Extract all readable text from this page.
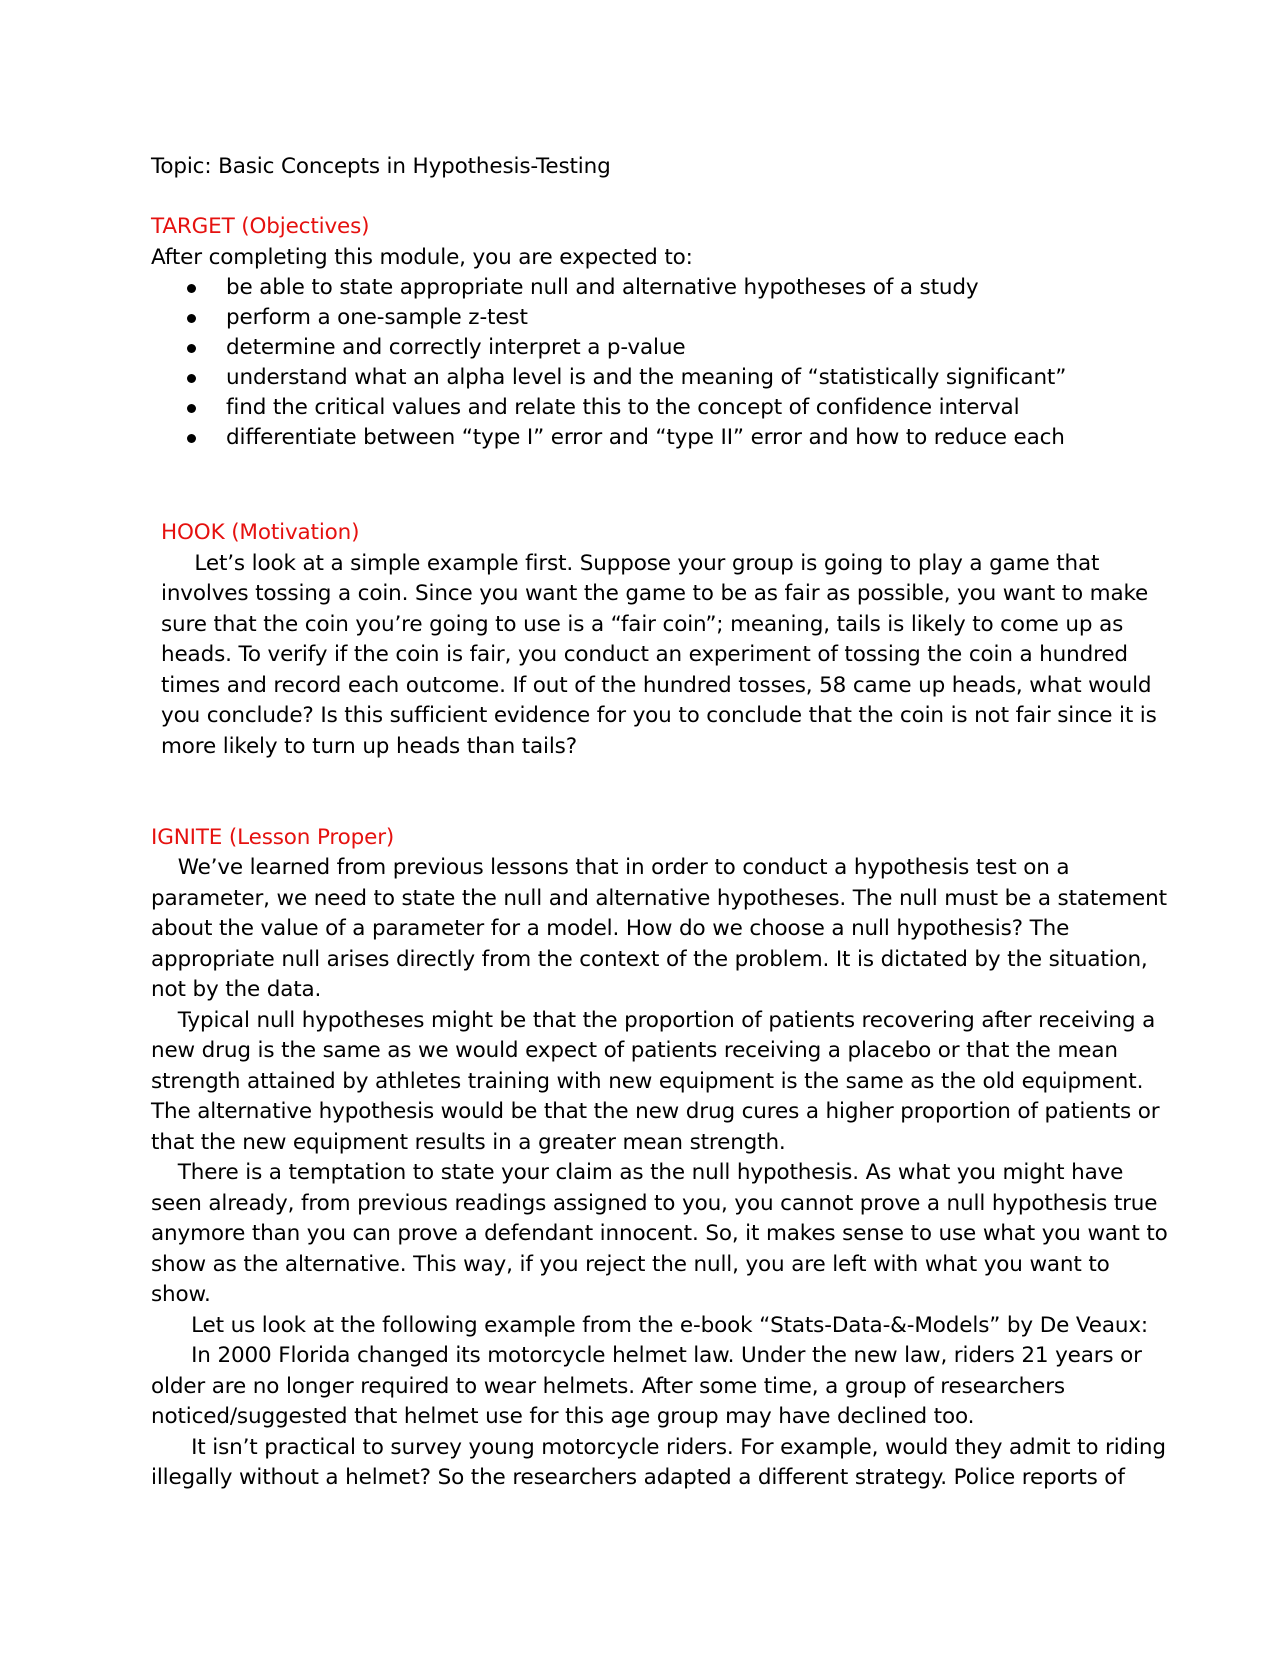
Topic: Basic Concepts in Hypothesis-Testing
TARGET (Objectives)
After completing this module, you are expected to:
be able to state appropriate null and alternative hypotheses of a study
perform a one-sample z-test
determine and correctly interpret a p-value
understand what an alpha level is and the meaning of “statistically significant”
find the critical values and relate this to the concept of confidence interval
differentiate between “type I” error and “type II” error and how to reduce each
HOOK (Motivation)
Let’s look at a simple example first. Suppose your group is going to play a game that
involves tossing a coin. Since you want the game to be as fair as possible, you want to make
sure that the coin you’re going to use is a “fair coin”; meaning, tails is likely to come up as
heads. To verify if the coin is fair, you conduct an experiment of tossing the coin a hundred
times and record each outcome. If out of the hundred tosses, 58 came up heads, what would
you conclude? Is this sufficient evidence for you to conclude that the coin is not fair since it is
more likely to turn up heads than tails?
IGNITE (Lesson Proper)
We’ve learned from previous lessons that in order to conduct a hypothesis test on a
parameter, we need to state the null and alternative hypotheses. The null must be a statement
about the value of a parameter for a model. How do we choose a null hypothesis? The
appropriate null arises directly from the context of the problem. It is dictated by the situation,
not by the data.
Typical null hypotheses might be that the proportion of patients recovering after receiving a
new drug is the same as we would expect of patients receiving a placebo or that the mean
strength attained by athletes training with new equipment is the same as the old equipment.
The alternative hypothesis would be that the new drug cures a higher proportion of patients or
that the new equipment results in a greater mean strength.
There is a temptation to state your claim as the null hypothesis. As what you might have
seen already, from previous readings assigned to you, you cannot prove a null hypothesis true
anymore than you can prove a defendant innocent. So, it makes sense to use what you want to
show as the alternative. This way, if you reject the null, you are left with what you want to
show.
Let us look at the following example from the e-book “Stats-Data-&-Models” by De Veaux:
In 2000 Florida changed its motorcycle helmet law. Under the new law, riders 21 years or
older are no longer required to wear helmets. After some time, a group of researchers
noticed/suggested that helmet use for this age group may have declined too.
It isn’t practical to survey young motorcycle riders. For example, would they admit to riding
illegally without a helmet? So the researchers adapted a different strategy. Police reports of
